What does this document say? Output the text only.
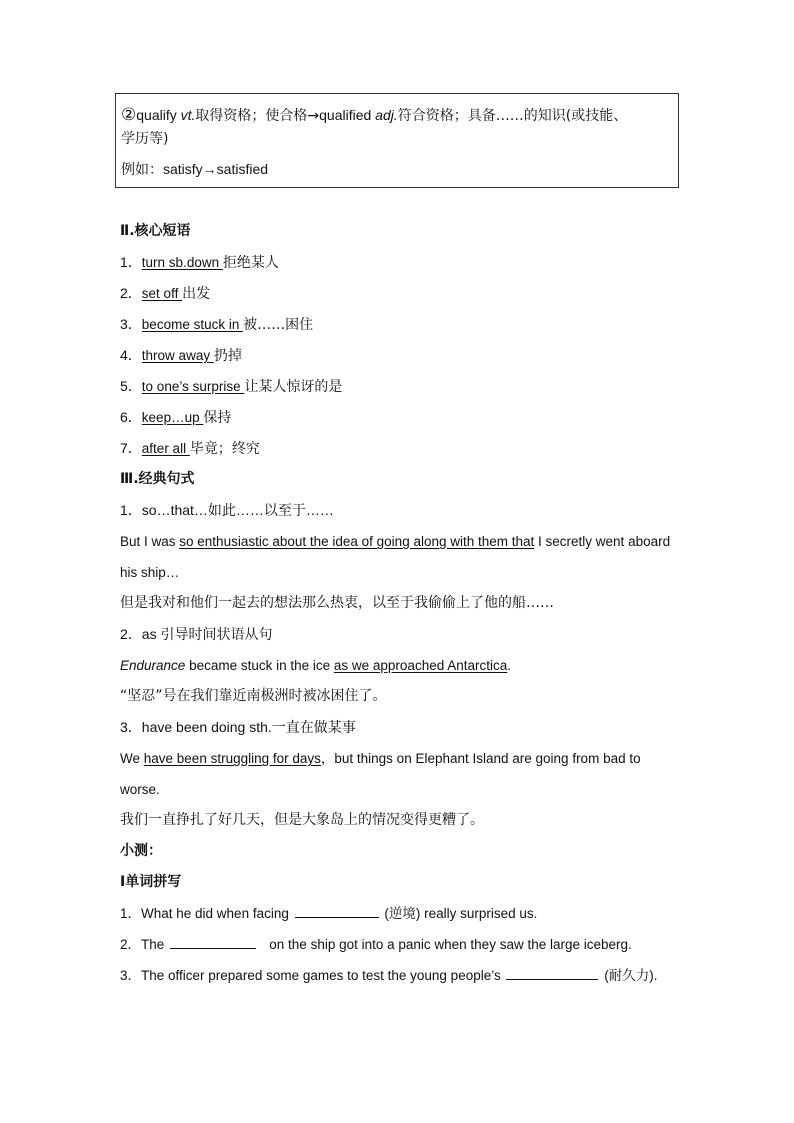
②qualify vt.取得资格；使合格→qualified adj.符合资格；具备……的知识(或技能、
学历等)
例如：satisfy→satisfied
Ⅱ.核心短语
1．turn sb.down 拒绝某人
2．set off 出发
3．become stuck in 被……困住
4．throw away 扔掉
5．to one’s surprise 让某人惊讶的是
6．keep…up 保持
7．after all 毕竟；终究
Ⅲ.经典句式
1．so…that…如此……以至于……
But I was so enthusiastic about the idea of going along with them that I secretly went aboard his ship…
但是我对和他们一起去的想法那么热衷，以至于我偷偷上了他的船……
2．as 引导时间状语从句
Endurance became stuck in the ice as we approached Antarctica.
“坚忍”号在我们靠近南极洲时被冰困住了。
3．have been doing sth.一直在做某事
We have been struggling for days，but things on Elephant Island are going from bad to worse.
我们一直挣扎了好几天，但是大象岛上的情况变得更糟了。
小测：
Ⅰ单词拼写
1．What he did when facing	(逆境) really surprised us.
2．The	on the ship got into a panic when they saw the large iceberg.
3．The officer prepared some games to test the young people’s	(耐久力).
